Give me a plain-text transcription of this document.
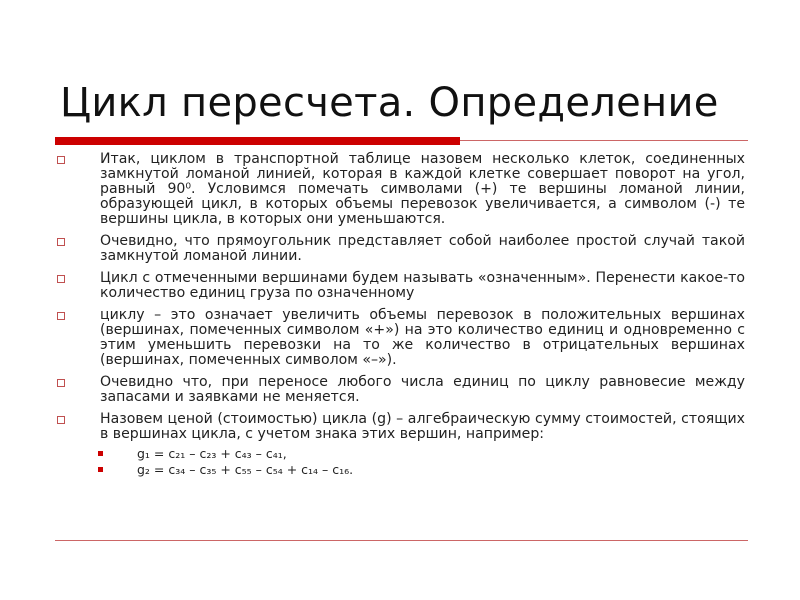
Цикл пересчета. Определение
Итак, циклом в транспортной таблице назовем несколько клеток, соединенных замкнутой ломаной линией, которая в каждой клетке совершает поворот на угол, равный 90⁰. Условимся помечать символами (+) те вершины ломаной линии, образующей цикл, в которых объемы перевозок увеличивается, а символом (-) те вершины цикла, в которых они уменьшаются.
Очевидно, что прямоугольник представляет собой наиболее простой случай такой замкнутой ломаной линии.
Цикл с отмеченными вершинами будем называть «означенным». Перенести какое-то количество единиц груза по означенному
циклу – это означает увеличить объемы перевозок в положительных вершинах (вершинах, помеченных символом «+») на это количество единиц и одновременно с этим уменьшить перевозки на то же количество в отрицательных вершинах (вершинах, помеченных символом «–»).
Очевидно что, при переносе любого числа единиц по циклу равновесие между запасами и заявками не меняется.
Назовем ценой (стоимостью) цикла (g) – алгебраическую сумму стоимостей, стоящих в вершинах цикла, с учетом знака этих вершин, например:
g₁ = c₂₁ – c₂₃ + c₄₃ – c₄₁,
g₂ = c₃₄ – c₃₅ + c₅₅ – c₅₄ + c₁₄ – c₁₆.
